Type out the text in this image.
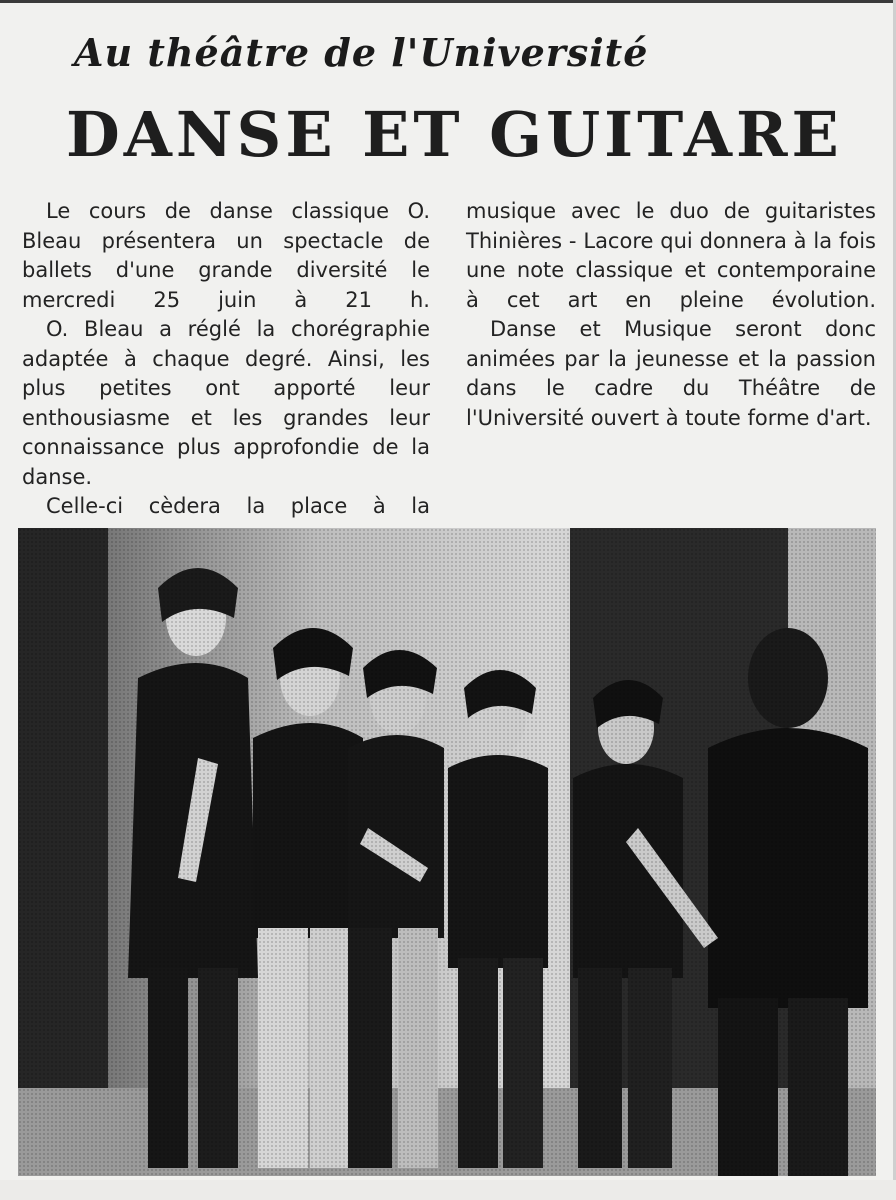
Au théâtre de l'Université
DANSE ET GUITARE

Le cours de danse classique O. Bleau présentera un spectacle de ballets d'une grande diversité le mercredi 25 juin à 21 h.

O. Bleau a réglé la chorégraphie adaptée à chaque degré. Ainsi, les plus petites ont apporté leur enthousiasme et les grandes leur connaissance plus approfondie de la danse.

Celle-ci cèdera la place à la

musique avec le duo de guitaristes Thinières - Lacore qui donnera à la fois une note classique et contemporaine à cet art en pleine évolution.

Danse et Musique seront donc animées par la jeunesse et la passion dans le cadre du Théâtre de l'Université ouvert à toute forme d'art.
